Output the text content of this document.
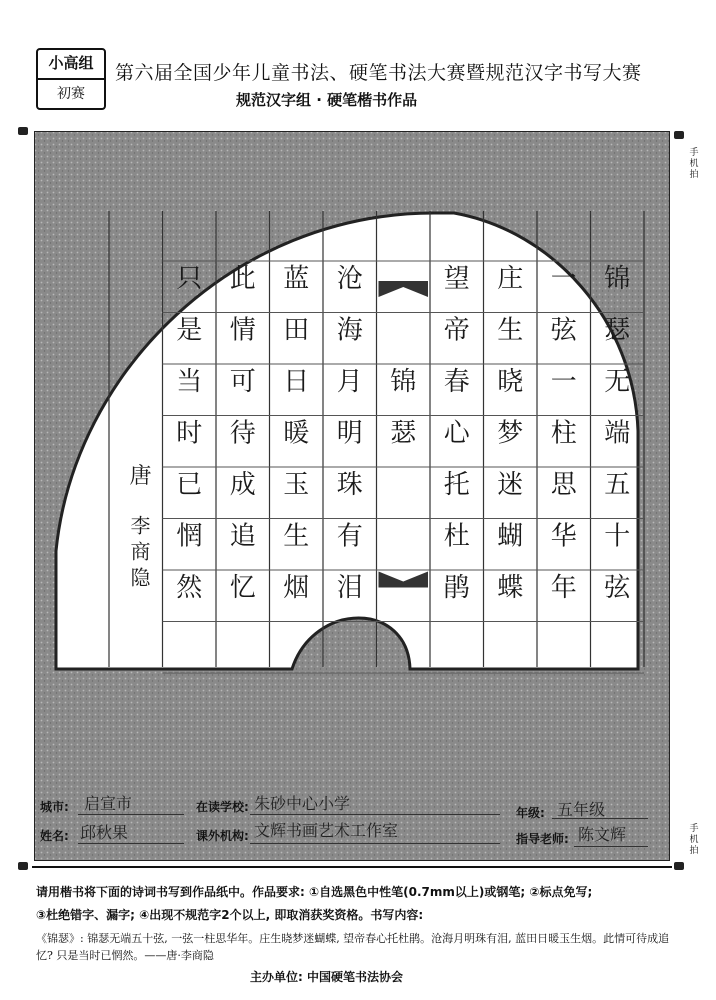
小高组
初赛
第六届全国少年儿童书法、硬笔书法大赛暨规范汉字书写大赛
规范汉字组 · 硬笔楷书作品
手机拍
手机拍
锦
瑟
无
端
五
十
弦
一
弦
一
柱
思
华
年
庄
生
晓
梦
迷
蝴
蝶
望
帝
春
心
托
杜
鹃
锦
瑟
沧
海
月
明
珠
有
泪
蓝
田
日
暖
玉
生
烟
此
情
可
待
成
追
忆
只
是
当
时
已
惘
然
唐
李
商
隐
城市: 启宣市	在读学校: 朱砂中心小学	年级: 五年级
姓名: 邱秋果	课外机构: 文辉书画艺术工作室	指导老师: 陈文辉
请用楷书将下面的诗词书写到作品纸中。作品要求: ①自选黑色中性笔(0.7mm以上)或钢笔; ②标点免写;
③杜绝错字、漏字; ④出现不规范字2个以上, 即取消获奖资格。书写内容:
《锦瑟》: 锦瑟无端五十弦, 一弦一柱思华年。庄生晓梦迷蝴蝶, 望帝春心托杜鹃。沧海月明珠有泪, 蓝田日暖玉生烟。此情可待成追忆? 只是当时已惘然。——唐·李商隐
主办单位: 中国硬笔书法协会
